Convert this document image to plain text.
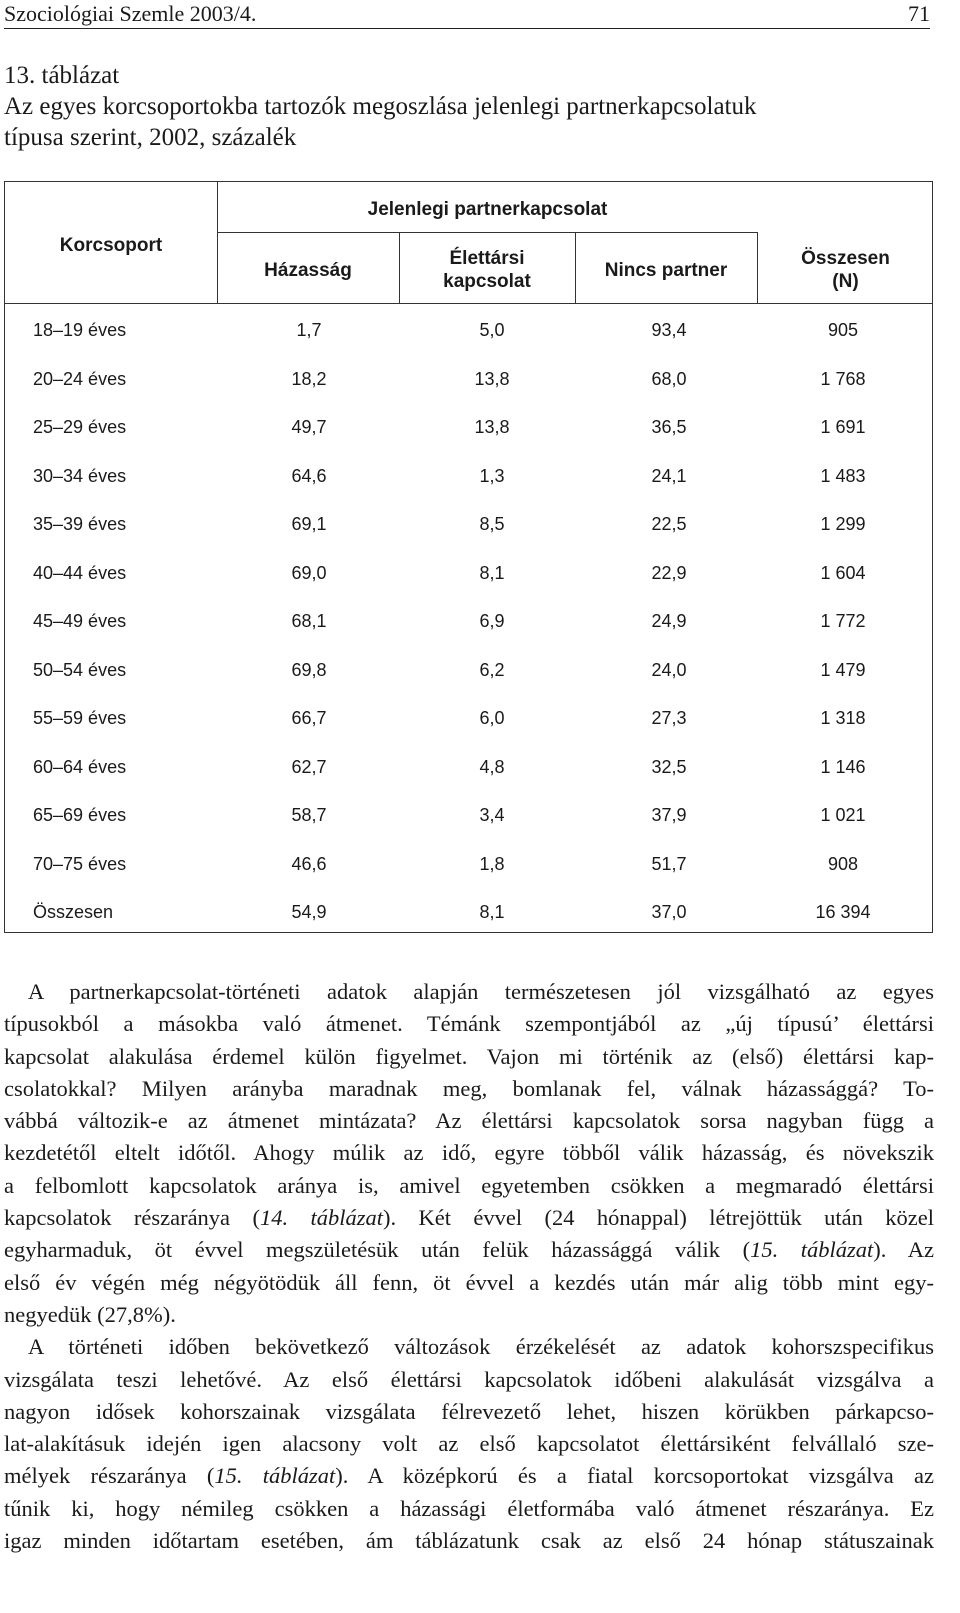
Szociológiai Szemle 2003/4.	71
13. táblázat
Az egyes korcsoportokba tartozók megoszlása jelenlegi partnerkapcsolatuk
típusa szerint, 2002, százalék
Korcsoport
Jelenlegi partnerkapcsolat
Házasság
Élettársi
kapcsolat
Nincs partner
Összesen
(N)
18–19 éves	1,7	5,0	93,4	905
20–24 éves	18,2	13,8	68,0	1 768
25–29 éves	49,7	13,8	36,5	1 691
30–34 éves	64,6	1,3	24,1	1 483
35–39 éves	69,1	8,5	22,5	1 299
40–44 éves	69,0	8,1	22,9	1 604
45–49 éves	68,1	6,9	24,9	1 772
50–54 éves	69,8	6,2	24,0	1 479
55–59 éves	66,7	6,0	27,3	1 318
60–64 éves	62,7	4,8	32,5	1 146
65–69 éves	58,7	3,4	37,9	1 021
70–75 éves	46,6	1,8	51,7	908
Összesen	54,9	8,1	37,0	16 394
A partnerkapcsolat-történeti adatok alapján természetesen jól vizsgálható az egyes
típusokból a másokba való átmenet. Témánk szempontjából az „új típusú’ élettársi
kapcsolat alakulása érdemel külön figyelmet. Vajon mi történik az (első) élettársi kap-
csolatokkal? Milyen arányba maradnak meg, bomlanak fel, válnak házassággá? To-
vábbá változik-e az átmenet mintázata? Az élettársi kapcsolatok sorsa nagyban függ a
kezdetétől eltelt időtől. Ahogy múlik az idő, egyre többől válik házasság, és növekszik
a felbomlott kapcsolatok aránya is, amivel egyetemben csökken a megmaradó élettársi
kapcsolatok részaránya (14. táblázat). Két évvel (24 hónappal) létrejöttük után közel
egyharmaduk, öt évvel megszületésük után felük házassággá válik (15. táblázat). Az
első év végén még négyötödük áll fenn, öt évvel a kezdés után már alig több mint egy-
negyedük (27,8%).
A történeti időben bekövetkező változások érzékelését az adatok kohorszspecifikus
vizsgálata teszi lehetővé. Az első élettársi kapcsolatok időbeni alakulását vizsgálva a
nagyon idősek kohorszainak vizsgálata félrevezető lehet, hiszen körükben párkapcso-
lat-alakításuk idején igen alacsony volt az első kapcsolatot élettársiként felvállaló sze-
mélyek részaránya (15. táblázat). A középkorú és a fiatal korcsoportokat vizsgálva az
tűnik ki, hogy némileg csökken a házassági életformába való átmenet részaránya. Ez
igaz minden időtartam esetében, ám táblázatunk csak az első 24 hónap státuszainak
